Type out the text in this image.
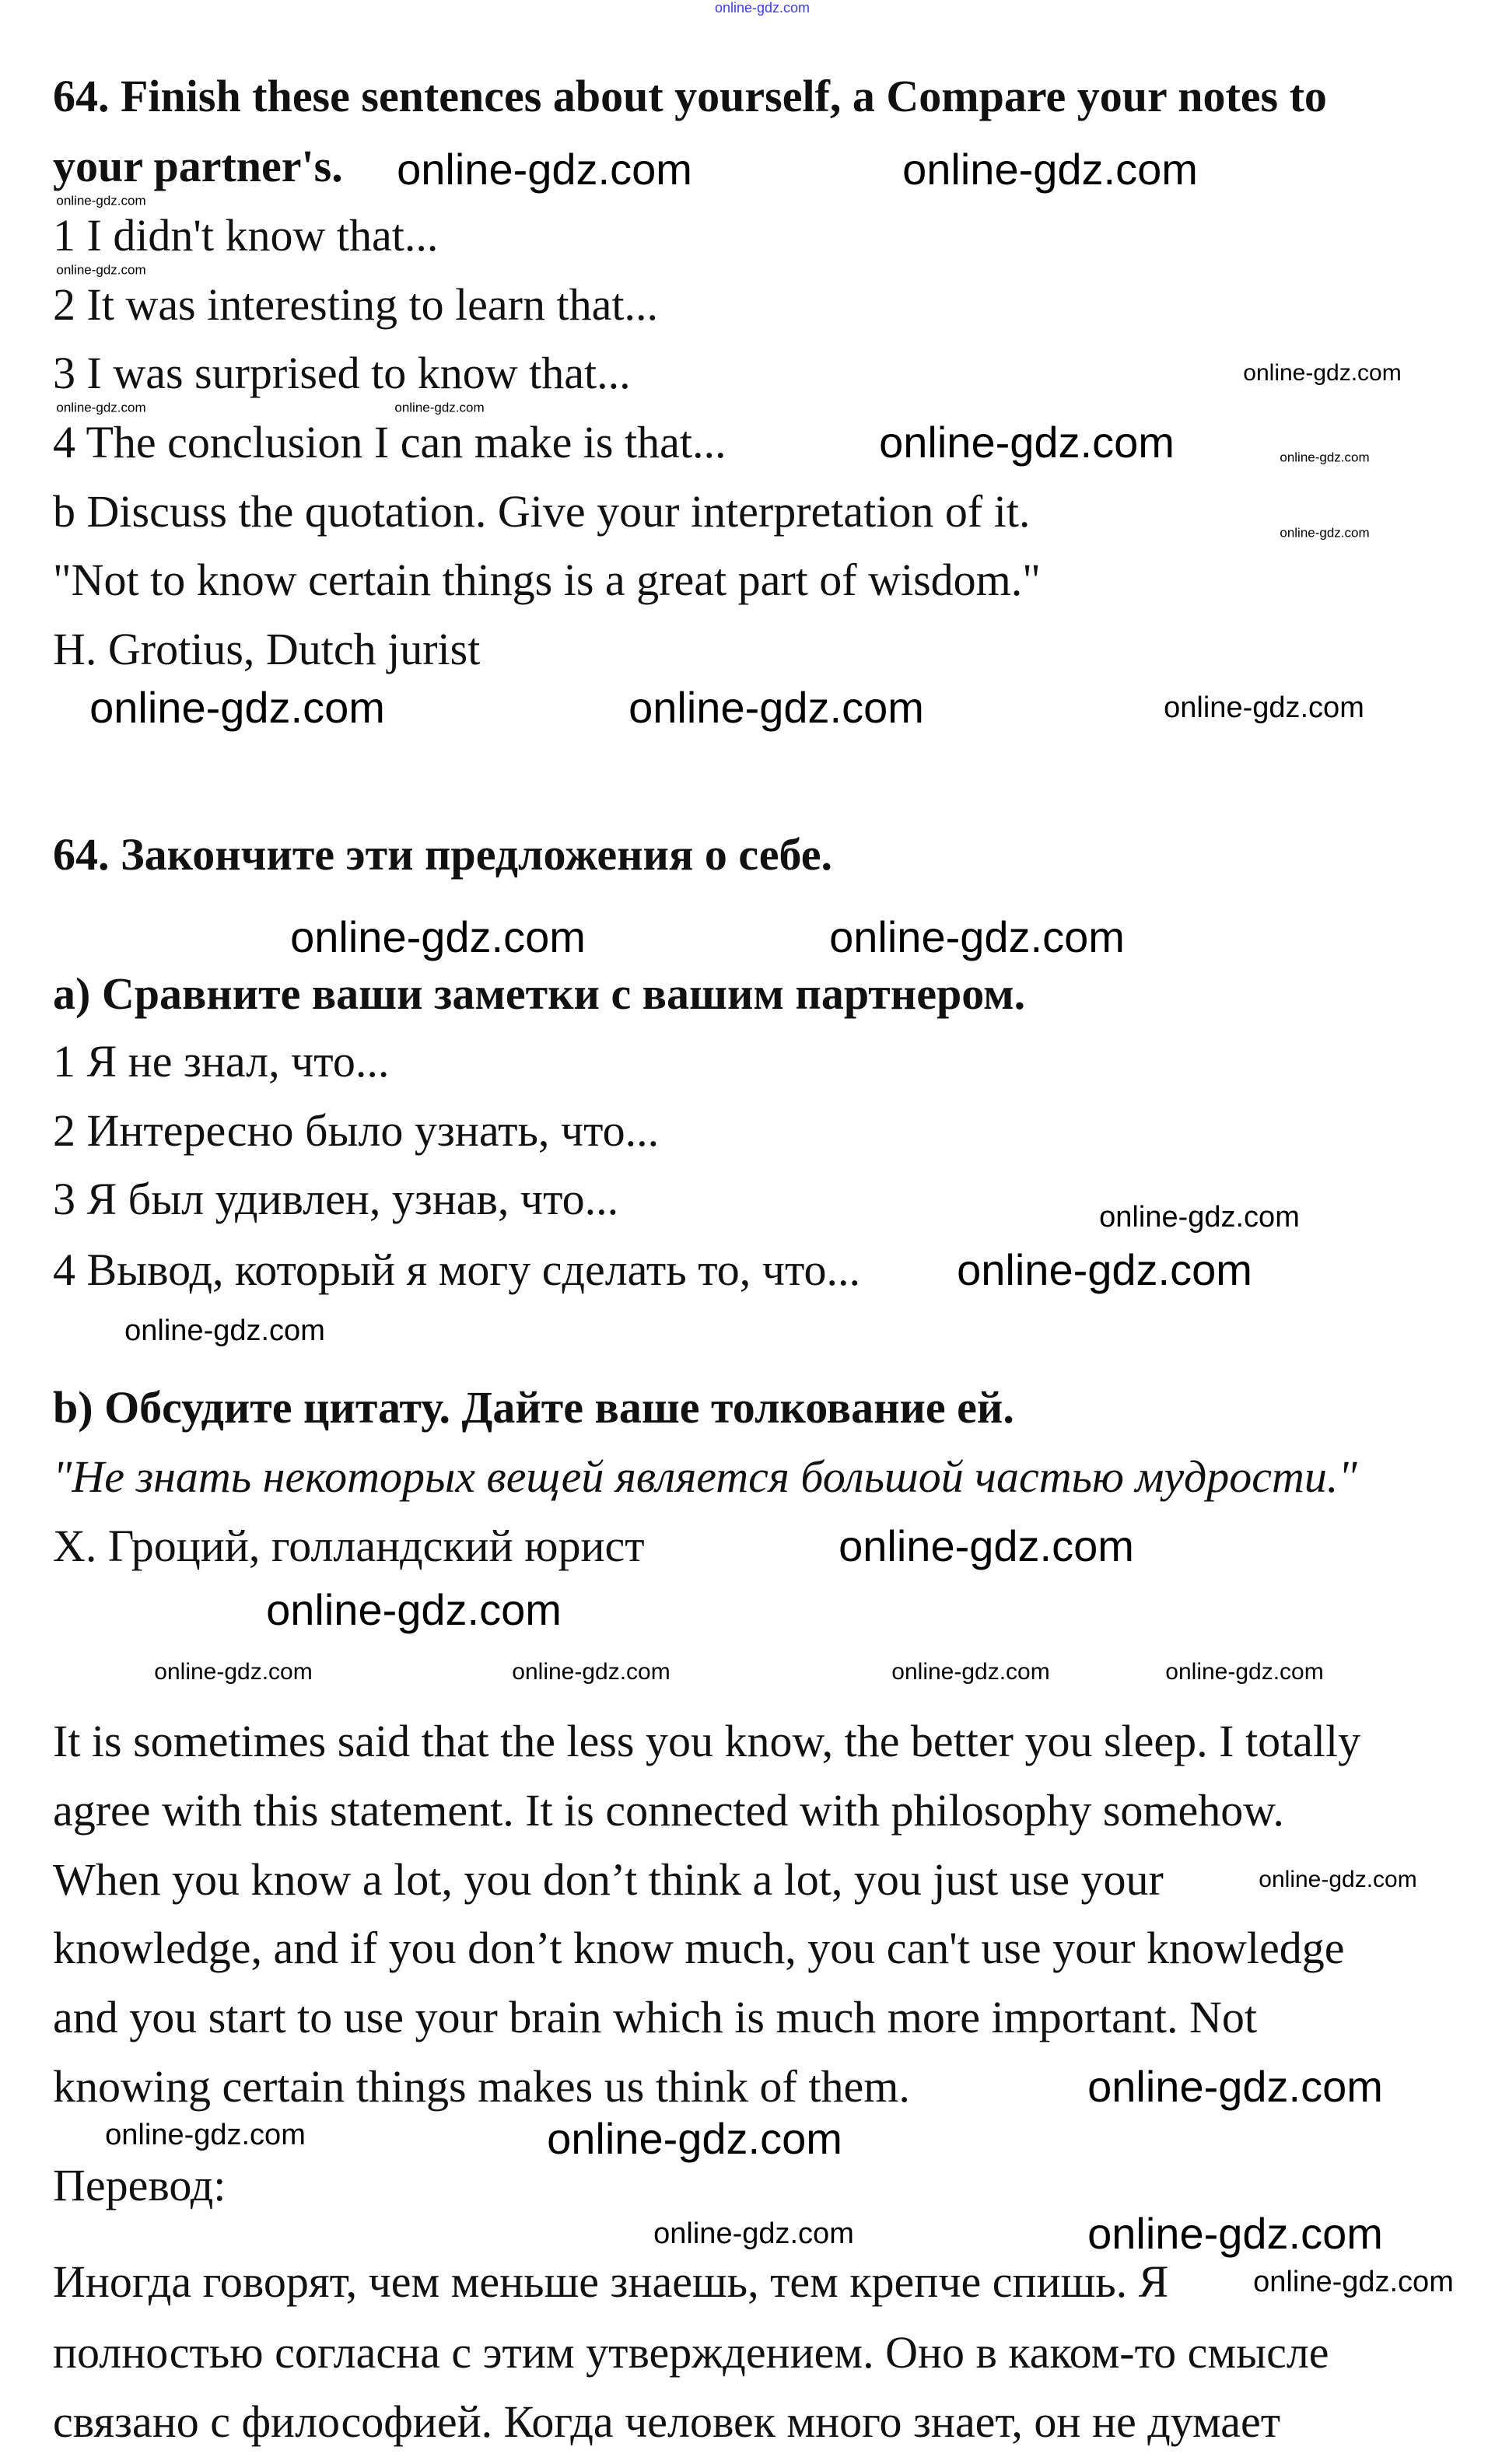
64. Finish these sentences about yourself, a Compare your notes to
your partner's.
1 I didn't know that...
2 It was interesting to learn that...
3 I was surprised to know that...
4 The conclusion I can make is that...
b Discuss the quotation. Give your interpretation of it.
"Not to know certain things is a great part of wisdom."
H. Grotius, Dutch jurist
64. Закончите эти предложения о себе.
а) Сравните ваши заметки с вашим партнером.
1 Я не знал, что...
2 Интересно было узнать, что...
3 Я был удивлен, узнав, что...
4 Вывод, который я могу сделать то, что...
b) Обсудите цитату. Дайте ваше толкование ей.
"Не знать некоторых вещей является большой частью мудрости."
Х. Гроций, голландский юрист
It is sometimes said that the less you know, the better you sleep. I totally
agree with this statement. It is connected with philosophy somehow.
When you know a lot, you don’t think a lot, you just use your
knowledge, and if you don’t know much, you can't use your knowledge
and you start to use your brain which is much more important. Not
knowing certain things makes us think of them.
Перевод:
Иногда говорят, чем меньше знаешь, тем крепче спишь. Я
полностью согласна с этим утверждением. Оно в каком-то смысле
связано с философией. Когда человек много знает, он не думает
online-gdz.com
online-gdz.com	online-gdz.com
online-gdz.com
online-gdz.com
online-gdz.com
online-gdz.com
online-gdz.com
online-gdz.com	online-gdz.com
online-gdz.com
online-gdz.com	online-gdz.com	online-gdz.com
online-gdz.com	online-gdz.com
online-gdz.com
online-gdz.com
online-gdz.com
online-gdz.com
online-gdz.com
online-gdz.com	online-gdz.com
online-gdz.com
online-gdz.com	online-gdz.com
online-gdz.com
online-gdz.com	online-gdz.com
online-gdz.com
online-gdz.com	online-gdz.com
